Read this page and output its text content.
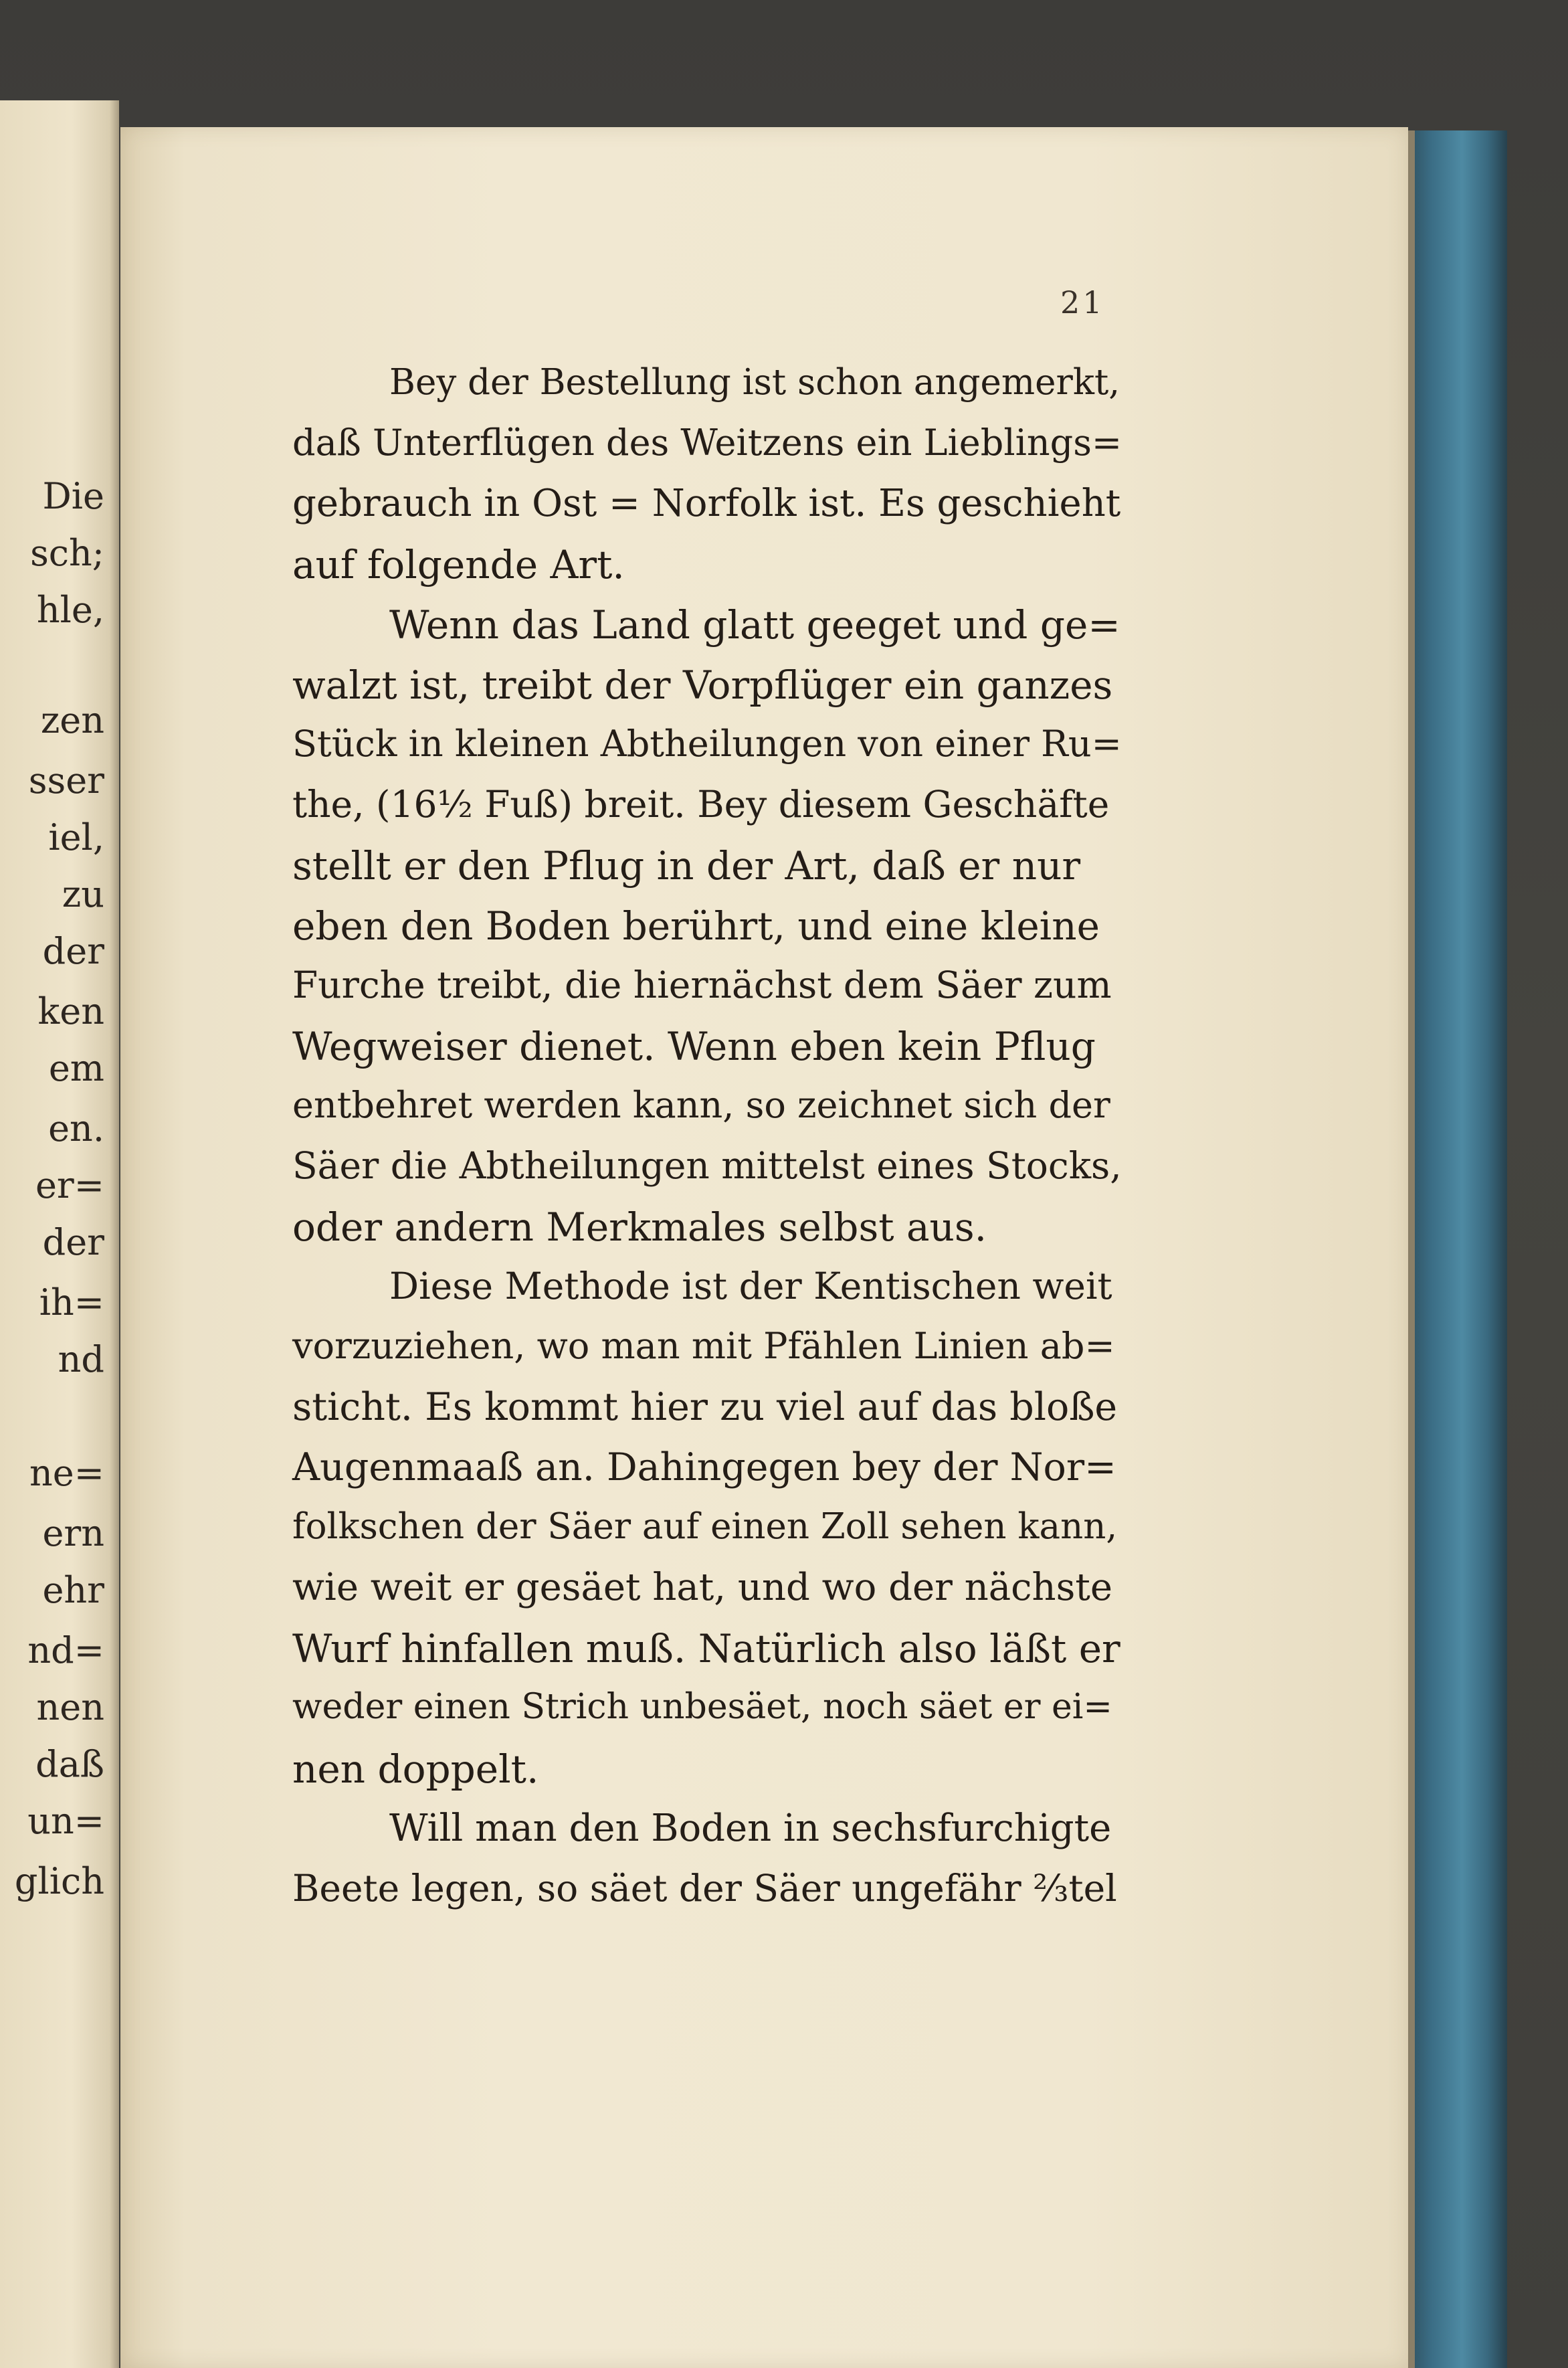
Die
sch;
hle,
zen
sser
iel,
zu
der
ken
em
en.
er=
der
ih=
nd
ne=
ern
ehr
nd=
nen
daß
un=
glich
21
Bey der Bestellung ist schon angemerkt,
daß Unterflügen des Weitzens ein Lieblings=
gebrauch in Ost = Norfolk ist. Es geschieht
auf folgende Art.
Wenn das Land glatt geeget und ge=
walzt ist, treibt der Vorpflüger ein ganzes
Stück in kleinen Abtheilungen von einer Ru=
the, (16½ Fuß) breit. Bey diesem Geschäfte
stellt er den Pflug in der Art, daß er nur
eben den Boden berührt, und eine kleine
Furche treibt, die hiernächst dem Säer zum
Wegweiser dienet. Wenn eben kein Pflug
entbehret werden kann, so zeichnet sich der
Säer die Abtheilungen mittelst eines Stocks,
oder andern Merkmales selbst aus.
Diese Methode ist der Kentischen weit
vorzuziehen, wo man mit Pfählen Linien ab=
sticht. Es kommt hier zu viel auf das bloße
Augenmaaß an. Dahingegen bey der Nor=
folkschen der Säer auf einen Zoll sehen kann,
wie weit er gesäet hat, und wo der nächste
Wurf hinfallen muß. Natürlich also läßt er
weder einen Strich unbesäet, noch säet er ei=
nen doppelt.
Will man den Boden in sechsfurchigte
Beete legen, so säet der Säer ungefähr ⅔tel
